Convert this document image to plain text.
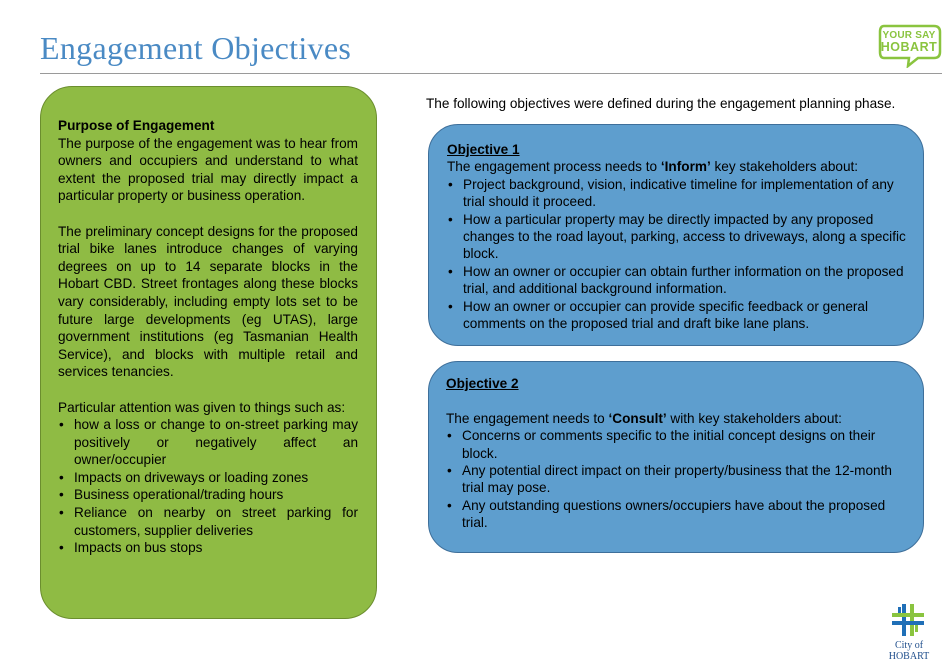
Engagement Objectives	YOUR SAY
HOBART
Purpose of Engagement

The purpose of the engagement was to hear from owners and occupiers and understand to what extent the proposed trial may directly impact a particular property or business operation.

The preliminary concept designs for the proposed trial bike lanes introduce changes of varying degrees on up to 14 separate blocks in the Hobart CBD. Street frontages along these blocks vary considerably, including empty lots set to be future large developments (eg UTAS), large government institutions (eg Tasmanian Health Service), and blocks with multiple retail and services tenancies.

Particular attention was given to things such as:

• how a loss or change to on-street parking may positively or negatively affect an owner/occupier
• Impacts on driveways or loading zones
• Business operational/trading hours
• Reliance on nearby on street parking for customers, supplier deliveries
• Impacts on bus stops
The following objectives were defined during the engagement planning phase.
Objective 1

The engagement process needs to ‘Inform’ key stakeholders about:

• Project background, vision, indicative timeline for implementation of any trial should it proceed.
• How a particular property may be directly impacted by any proposed changes to the road layout, parking, access to driveways, along a specific block.
• How an owner or occupier can obtain further information on the proposed trial, and additional background information.
• How an owner or occupier can provide specific feedback or general comments on the proposed trial and draft bike lane plans.
Objective 2

The engagement needs to ‘Consult’ with key stakeholders about:

• Concerns or comments specific to the initial concept designs on their block.
• Any potential direct impact on their property/business that the 12-month trial may pose.
• Any outstanding questions owners/occupiers have about the proposed trial.
City of HOBART
